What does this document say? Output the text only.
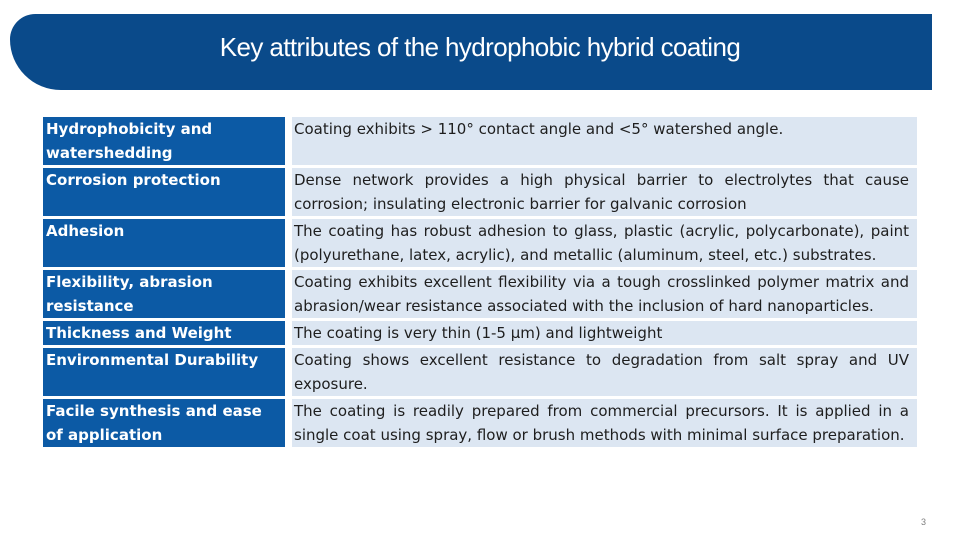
Key attributes of the hydrophobic hybrid coating
Hydrophobicity and watershedding		Coating exhibits > 110° contact angle and <5° watershed angle.
Corrosion protection		Dense network provides a high physical barrier to electrolytes that cause corrosion; insulating electronic barrier for galvanic corrosion
Adhesion		The coating has robust adhesion to glass, plastic (acrylic, polycarbonate), paint (polyurethane, latex, acrylic), and metallic (aluminum, steel, etc.) substrates.
Flexibility, abrasion resistance		Coating exhibits excellent flexibility via a tough crosslinked polymer matrix and abrasion/wear resistance associated with the inclusion of hard nanoparticles.
Thickness and Weight		The coating is very thin (1-5 µm) and lightweight
Environmental Durability		Coating shows excellent resistance to degradation from salt spray and UV exposure.
Facile synthesis and ease of application		The coating is readily prepared from commercial precursors. It is applied in a single coat using spray, flow or brush methods with minimal surface preparation.
3
